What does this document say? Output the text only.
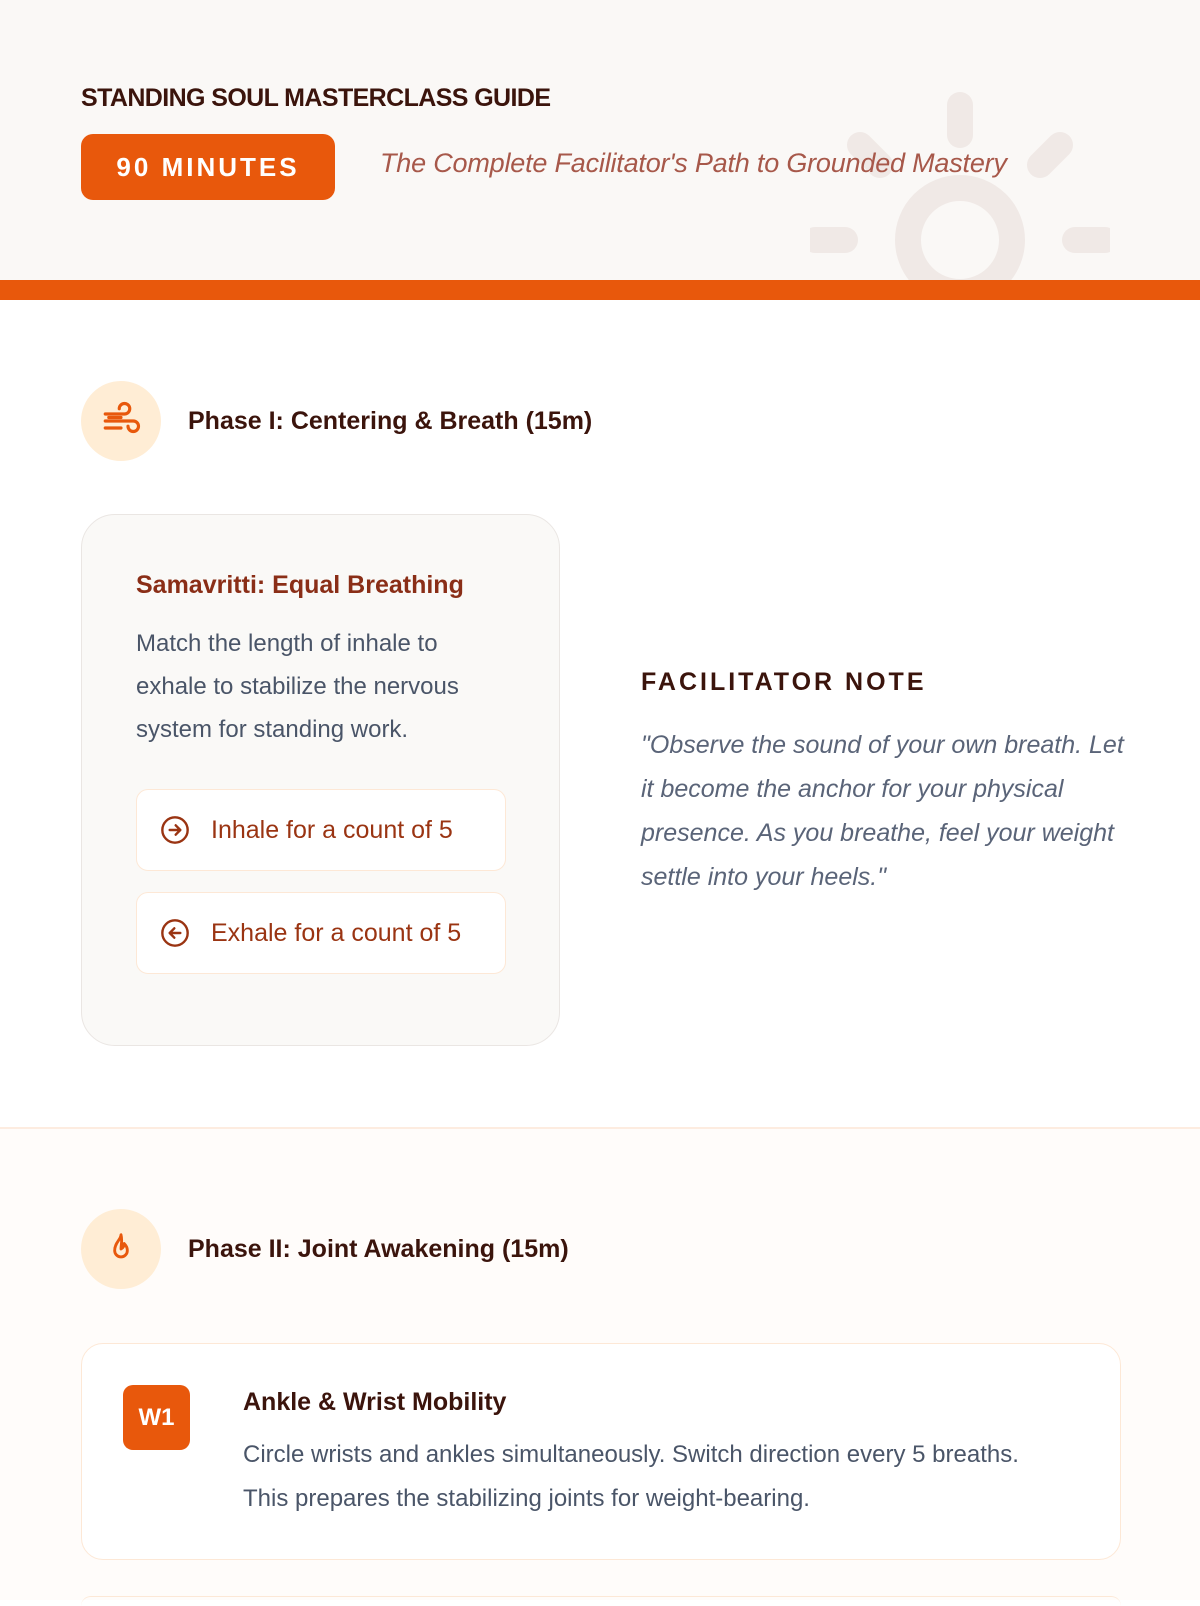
STANDING SOUL MASTERCLASS GUIDE
90 MINUTES	The Complete Facilitator's Path to Grounded Mastery
Phase I: Centering & Breath (15m)
Samavritti: Equal Breathing
Match the length of inhale to exhale to stabilize the nervous system for standing work.
Inhale for a count of 5
Exhale for a count of 5
FACILITATOR NOTE
"Observe the sound of your own breath. Let it become the anchor for your physical presence. As you breathe, feel your weight settle into your heels."
Phase II: Joint Awakening (15m)
W1
Ankle & Wrist Mobility
Circle wrists and ankles simultaneously. Switch direction every 5 breaths. This prepares the stabilizing joints for weight-bearing.
